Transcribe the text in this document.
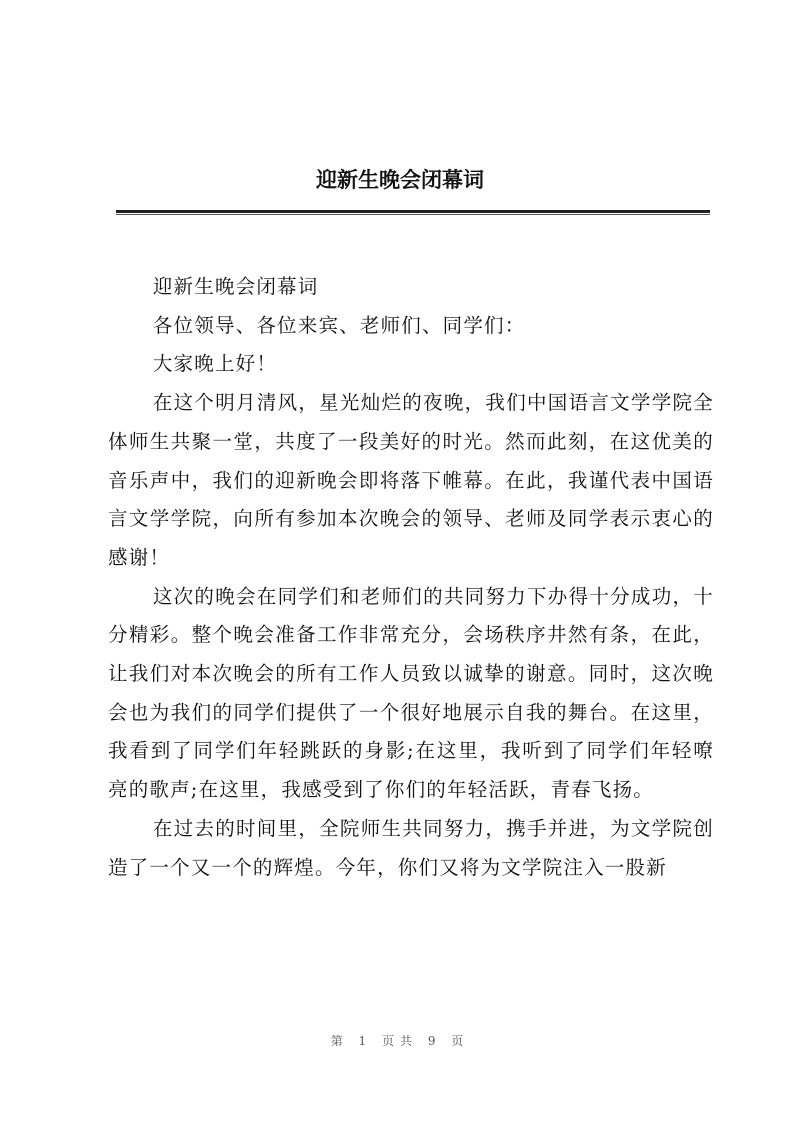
迎新生晚会闭幕词

迎新生晚会闭幕词

各位领导、各位来宾、老师们、同学们：

大家晚上好！

在这个明月清风，星光灿烂的夜晚，我们中国语言文学学院全体师生共聚一堂，共度了一段美好的时光。然而此刻，在这优美的音乐声中，我们的迎新晚会即将落下帷幕。在此，我谨代表中国语言文学学院，向所有参加本次晚会的领导、老师及同学表示衷心的感谢！

这次的晚会在同学们和老师们的共同努力下办得十分成功，十分精彩。整个晚会准备工作非常充分，会场秩序井然有条，在此，让我们对本次晚会的所有工作人员致以诚挚的谢意。同时，这次晚会也为我们的同学们提供了一个很好地展示自我的舞台。在这里，我看到了同学们年轻跳跃的身影;在这里，我听到了同学们年轻嘹亮的歌声;在这里，我感受到了你们的年轻活跃，青春飞扬。

在过去的时间里，全院师生共同努力，携手并进，为文学院创造了一个又一个的辉煌。今年，你们又将为文学院注入一股新

第 1 页共 9 页
